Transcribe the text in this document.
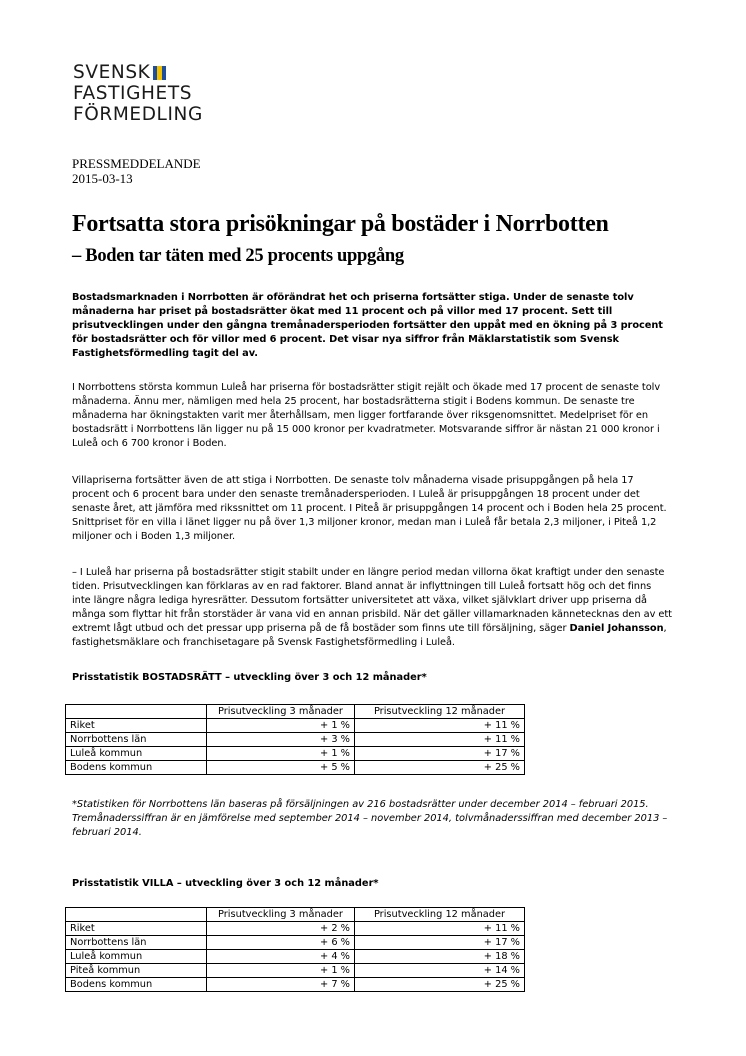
SVENSK
FASTIGHETS
FÖRMEDLING
PRESSMEDDELANDE
2015-03-13
Fortsatta stora prisökningar på bostäder i Norrbotten
– Boden tar täten med 25 procents uppgång

Bostadsmarknaden i Norrbotten är oförändrat het och priserna fortsätter stiga. Under de senaste tolv månaderna har priset på bostadsrätter ökat med 11 procent och på villor med 17 procent. Sett till prisutvecklingen under den gångna tremånadersperioden fortsätter den uppåt med en ökning på 3 procent för bostadsrätter och för villor med 6 procent. Det visar nya siffror från Mäklarstatistik som Svensk Fastighetsförmedling tagit del av.

I Norrbottens största kommun Luleå har priserna för bostadsrätter stigit rejält och ökade med 17 procent de senaste tolv månaderna. Ännu mer, nämligen med hela 25 procent, har bostadsrätterna stigit i Bodens kommun. De senaste tre månaderna har ökningstakten varit mer återhållsam, men ligger fortfarande över riksgenomsnittet. Medelpriset för en bostadsrätt i Norrbottens län ligger nu på 15 000 kronor per kvadratmeter. Motsvarande siffror är nästan 21 000 kronor i Luleå och 6 700 kronor i Boden.

Villapriserna fortsätter även de att stiga i Norrbotten. De senaste tolv månaderna visade prisuppgången på hela 17 procent och 6 procent bara under den senaste tremånadersperioden. I Luleå är prisuppgången 18 procent under det senaste året, att jämföra med rikssnittet om 11 procent. I Piteå är prisuppgången 14 procent och i Boden hela 25 procent. Snittpriset för en villa i länet ligger nu på över 1,3 miljoner kronor, medan man i Luleå får betala 2,3 miljoner, i Piteå 1,2 miljoner och i Boden 1,3 miljoner.

– I Luleå har priserna på bostadsrätter stigit stabilt under en längre period medan villorna ökat kraftigt under den senaste tiden. Prisutvecklingen kan förklaras av en rad faktorer. Bland annat är inflyttningen till Luleå fortsatt hög och det finns inte längre några lediga hyresrätter. Dessutom fortsätter universitetet att växa, vilket självklart driver upp priserna då många som flyttar hit från storstäder är vana vid en annan prisbild. När det gäller villamarknaden kännetecknas den av ett extremt lågt utbud och det pressar upp priserna på de få bostäder som finns ute till försäljning, säger Daniel Johansson, fastighetsmäklare och franchisetagare på Svensk Fastighetsförmedling i Luleå.

Prisstatistik BOSTADSRÄTT – utveckling över 3 och 12 månader*

	Prisutveckling 3 månader	Prisutveckling 12 månader
Riket	+ 1 %	+ 11 %
Norrbottens län	+ 3 %	+ 11 %
Luleå kommun	+ 1 %	+ 17 %
Bodens kommun	+ 5 %	+ 25 %

*Statistiken för Norrbottens län baseras på försäljningen av 216 bostadsrätter under december 2014 – februari 2015. Tremånaderssiffran är en jämförelse med september 2014 – november 2014, tolvmånaderssiffran med december 2013 – februari 2014.

Prisstatistik VILLA – utveckling över 3 och 12 månader*

	Prisutveckling 3 månader	Prisutveckling 12 månader
Riket	+ 2 %	+ 11 %
Norrbottens län	+ 6 %	+ 17 %
Luleå kommun	+ 4 %	+ 18 %
Piteå kommun	+ 1 %	+ 14 %
Bodens kommun	+ 7 %	+ 25 %
